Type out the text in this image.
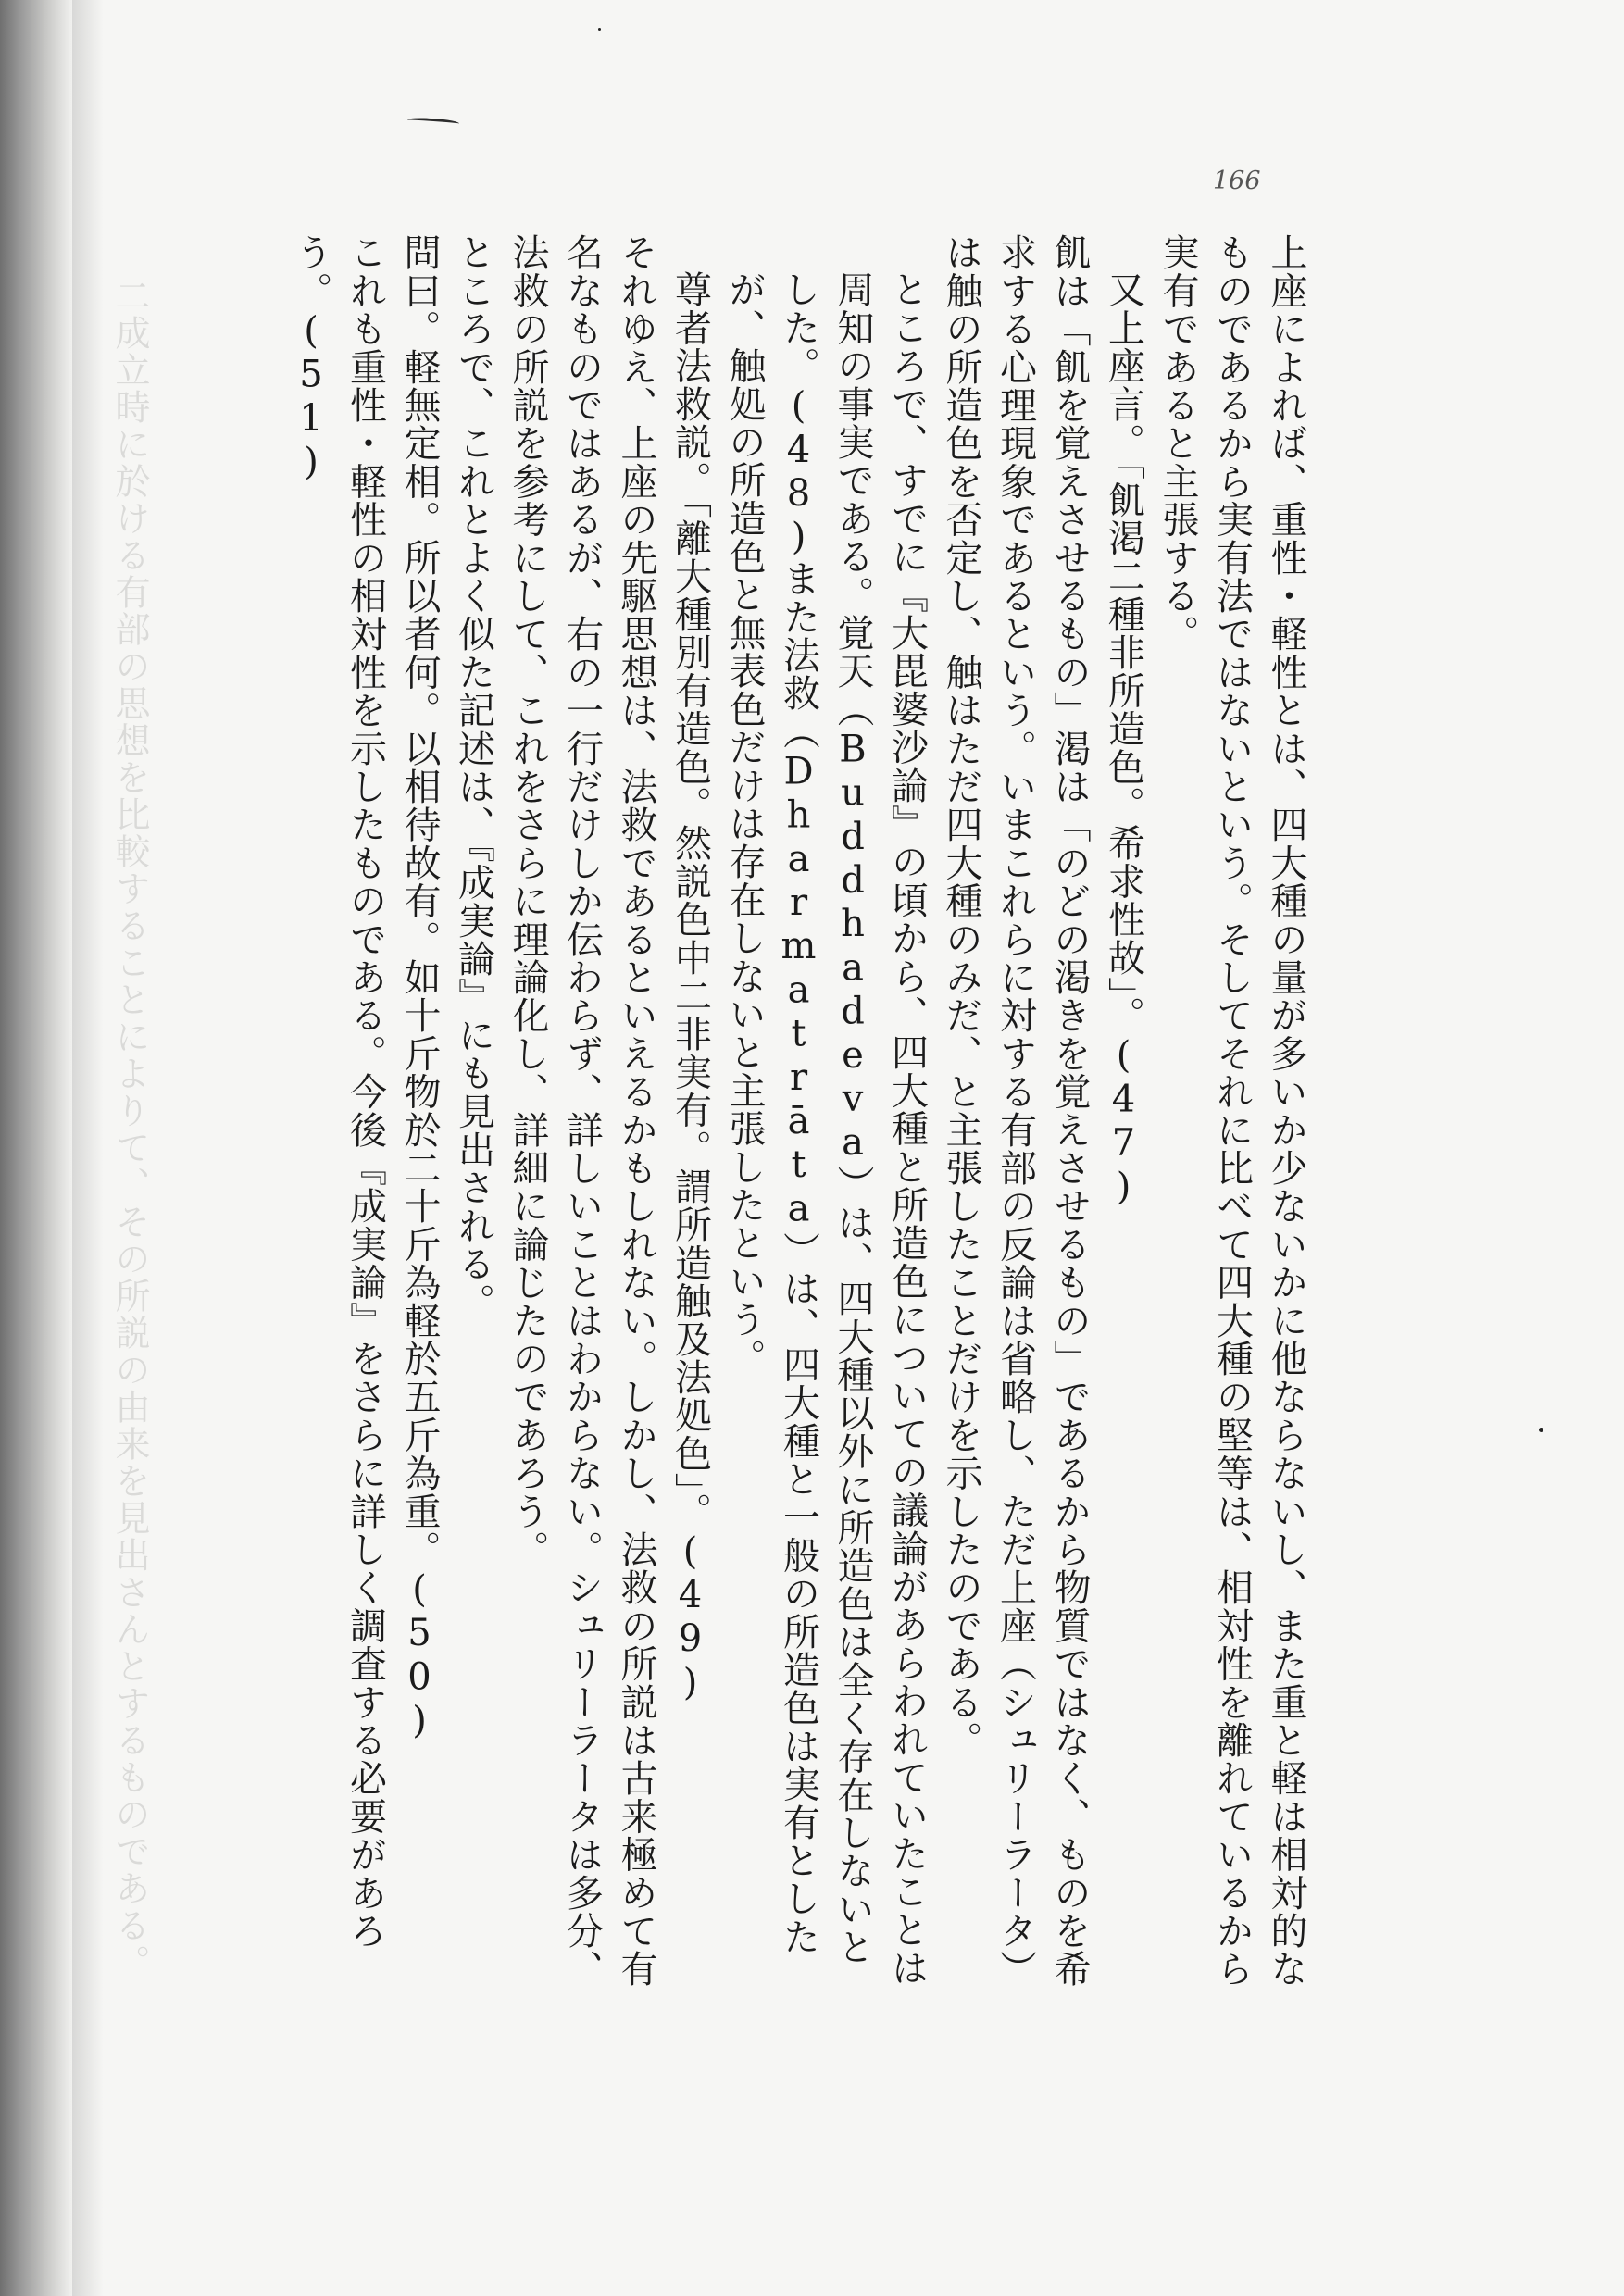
二成立時に於ける有部の思想を比較することによりて、その所説の由来を見出さんとするものである。
166

上座によれば、重性・軽性とは、四大種の量が多いか少ないかに他ならないし、また重と軽は相対的なものであるから実有法ではないという。そしてそれに比べて四大種の堅等は、相対性を離れているから実有であると主張する。

又上座言。「飢渇二種非所造色。希求性故」。(47)

飢は「飢を覚えさせるもの」渇は「のどの渇きを覚えさせるもの」であるから物質ではなく、ものを希求する心理現象であるという。いまこれらに対する有部の反論は省略し、ただ上座（シュリーラータ）は触の所造色を否定し、触はただ四大種のみだ、と主張したことだけを示したのである。

ところで、すでに『大毘婆沙論』の頃から、四大種と所造色についての議論があらわれていたことは周知の事実である。覚天（Buddhadeva）は、四大種以外に所造色は全く存在しないとした。(48)また法救（Dharmatrāta）は、四大種と一般の所造色は実有としたが、触処の所造色と無表色だけは存在しないと主張したという。

尊者法救説。「離大種別有造色。然説色中二非実有。謂所造触及法処色」。(49)

それゆえ、上座の先駆思想は、法救であるといえるかもしれない。しかし、法救の所説は古来極めて有名なものではあるが、右の一行だけしか伝わらず、詳しいことはわからない。シュリーラータは多分、法救の所説を参考にして、これをさらに理論化し、詳細に論じたのであろう。

ところで、これとよく似た記述は、『成実論』にも見出される。

問曰。軽無定相。所以者何。以相待故有。如十斤物於二十斤為軽於五斤為重。(50)

これも重性・軽性の相対性を示したものである。今後『成実論』をさらに詳しく調査する必要があろう。(51)
